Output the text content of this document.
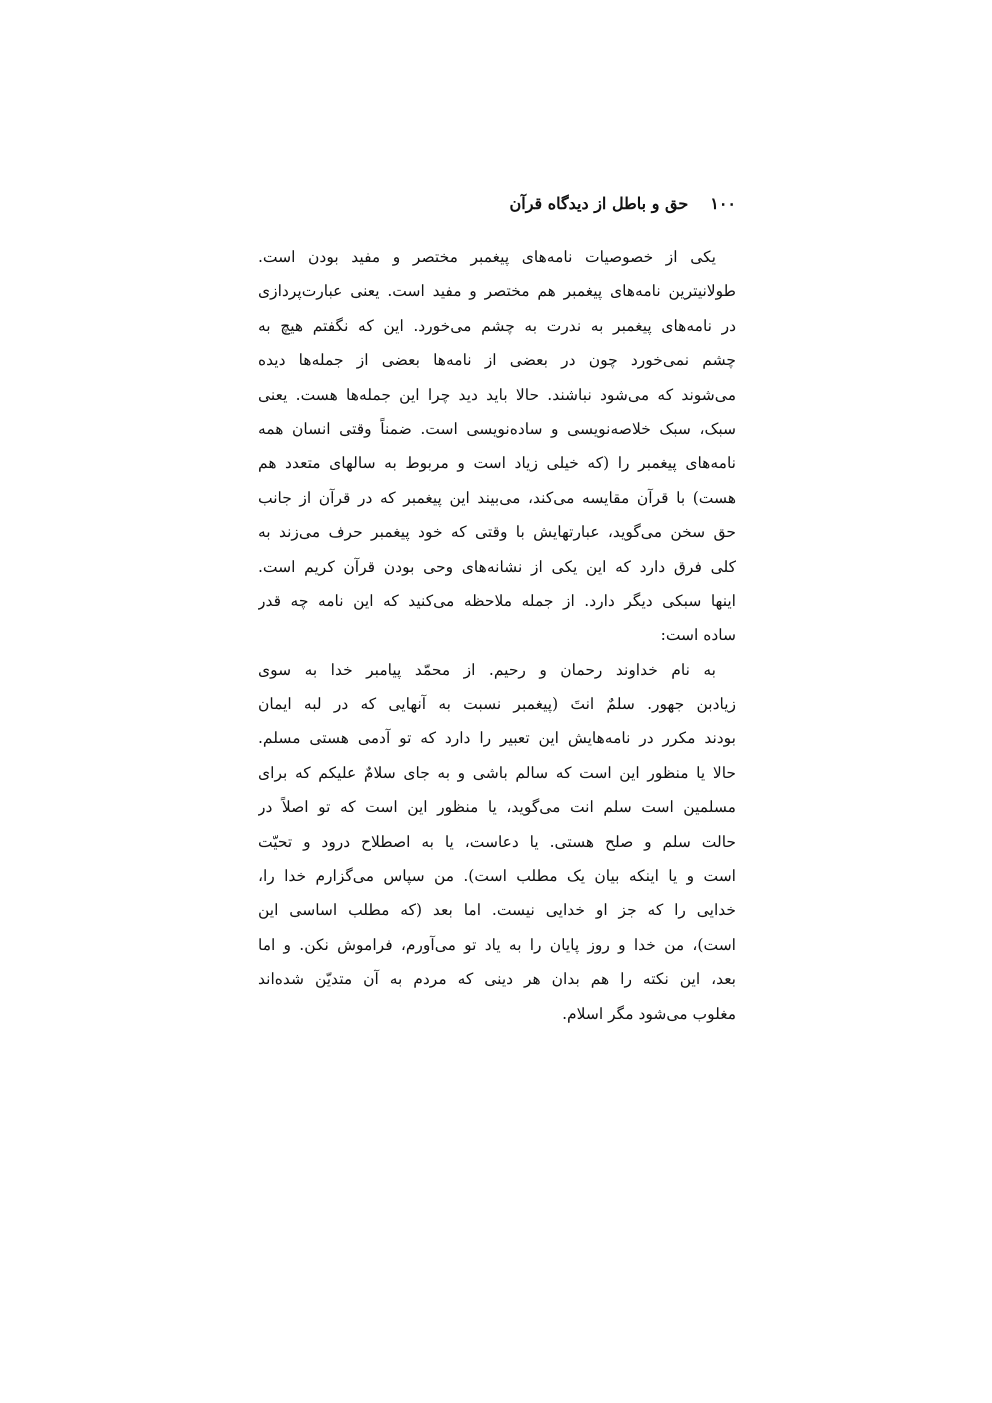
۱۰۰
حق و باطل از دیدگاه قرآن
یکی از خصوصیات نامه‌های پیغمبر مختصر و مفید بودن است.
طولانیترین نامه‌های پیغمبر هم مختصر و مفید است. یعنی عبارت‌پردازی
در نامه‌های پیغمبر به ندرت به چشم می‌خورد. این که نگفتم هیچ به
چشم نمی‌خورد چون در بعضی از نامه‌ها بعضی از جمله‌ها دیده
می‌شوند که می‌شود نباشند. حالا باید دید چرا این جمله‌ها هست. یعنی
سبک، سبک خلاصه‌نویسی و ساده‌نویسی است. ضمناً وقتی انسان همه
نامه‌های پیغمبر را (که خیلی زیاد است و مربوط به سالهای متعدد هم
هست) با قرآن مقایسه می‌کند، می‌بیند این پیغمبر که در قرآن از جانب
حق سخن می‌گوید، عبارتهایش با وقتی که خود پیغمبر حرف می‌زند به
کلی فرق دارد که این یکی از نشانه‌های وحی بودن قرآن کریم است.
اینها سبکی دیگر دارد. از جمله ملاحظه می‌کنید که این نامه چه قدر
ساده است:
به نام خداوند رحمان و رحیم. از محمّد پیامبر خدا به سوی
زیادبن جهور. سلمٌ انتَ (پیغمبر نسبت به آنهایی که در لبه ایمان
بودند مکرر در نامه‌هایش این تعبیر را دارد که تو آدمی هستی مسلم.
حالا یا منظور این است که سالم باشی و به جای سلامٌ علیکم که برای
مسلمین است سلم انت می‌گوید، یا منظور این است که تو اصلاً در
حالت سلم و صلح هستی. یا دعاست، یا به اصطلاح درود و تحیّت
است و یا اینکه بیان یک مطلب است). من سپاس می‌گزارم خدا را،
خدایی را که جز او خدایی نیست. اما بعد (که مطلب اساسی این
است)، من خدا و روز پایان را به یاد تو می‌آورم، فراموش نکن. و اما
بعد، این نکته را هم بدان هر دینی که مردم به آن متدیّن شده‌اند
مغلوب می‌شود مگر اسلام.
